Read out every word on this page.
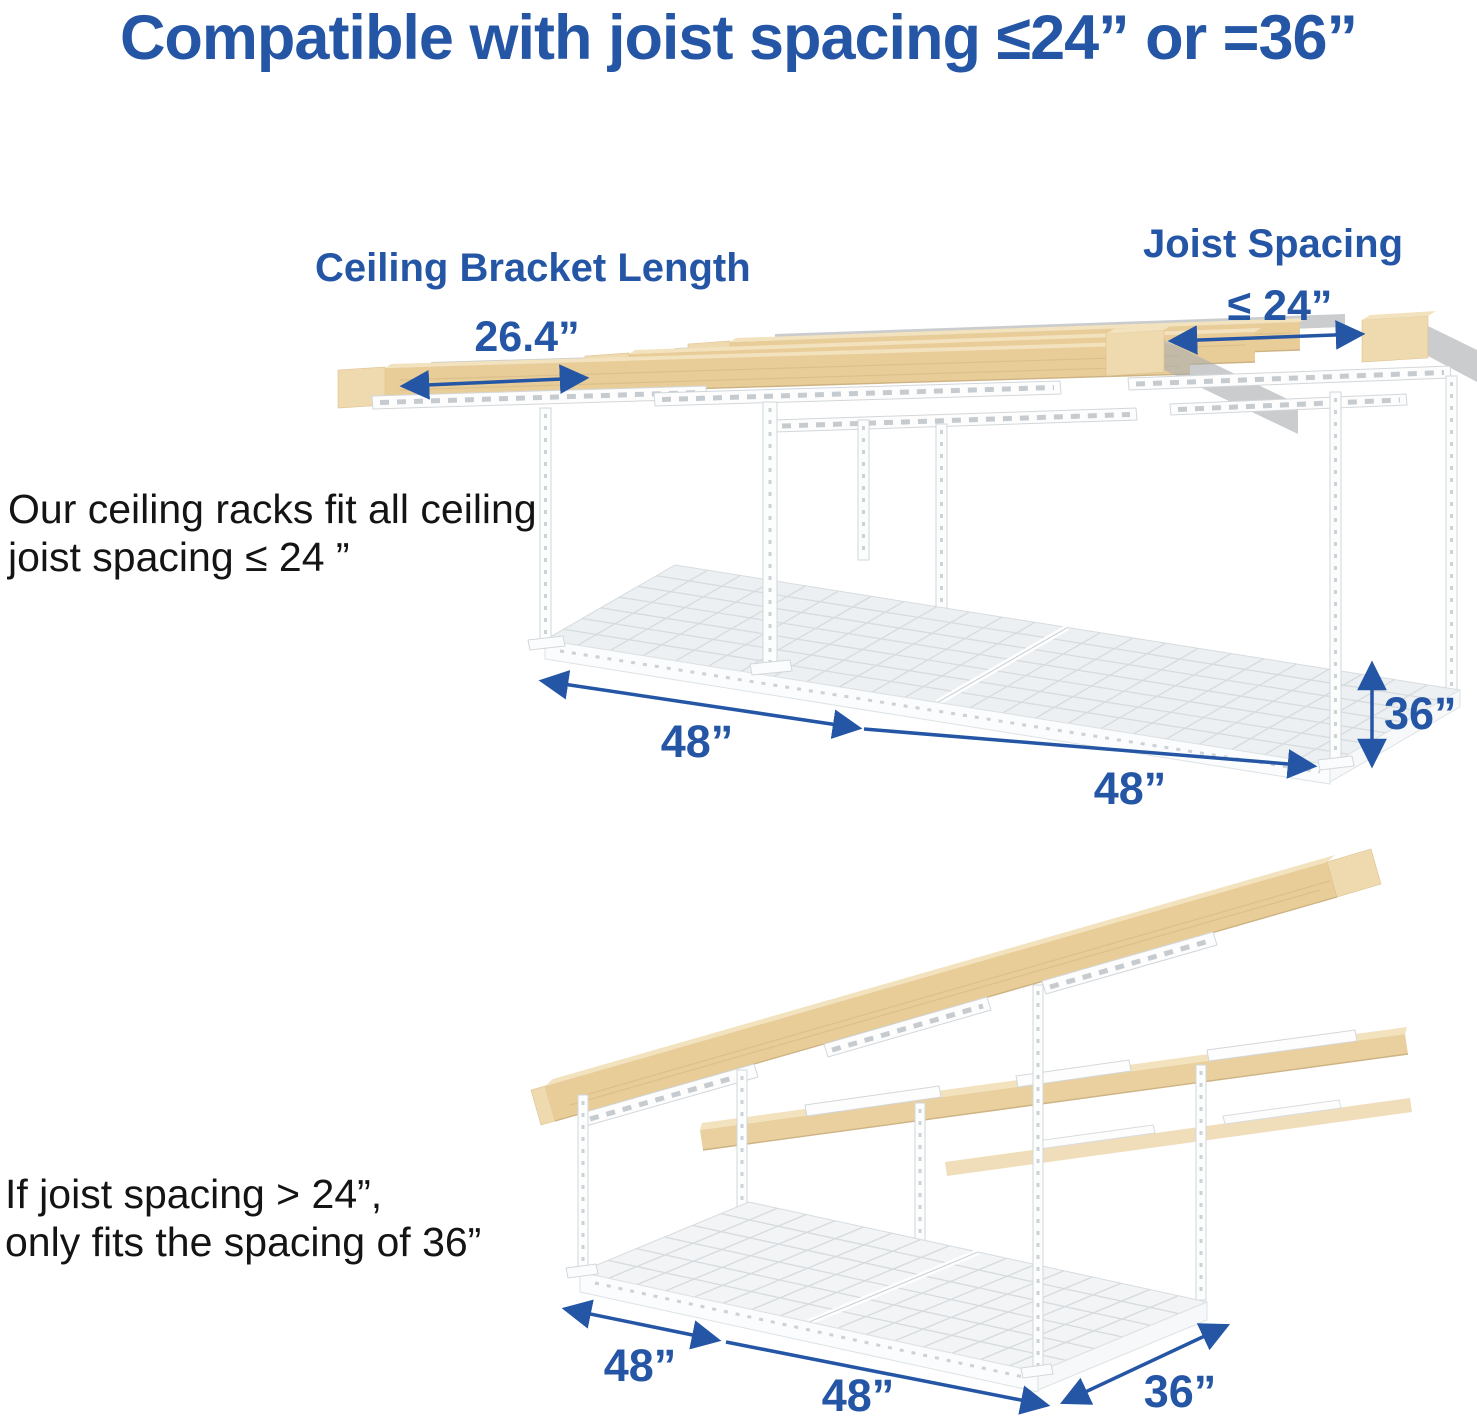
Compatible with joist spacing ≤24” or =36”
Ceiling Bracket Length
26.4”
Joist Spacing
≤ 24”
Our ceiling racks fit all ceiling
joist spacing ≤ 24 ”
48”
48”
36”
If joist spacing > 24”,
only fits the spacing of 36”
48”
48”	36”
